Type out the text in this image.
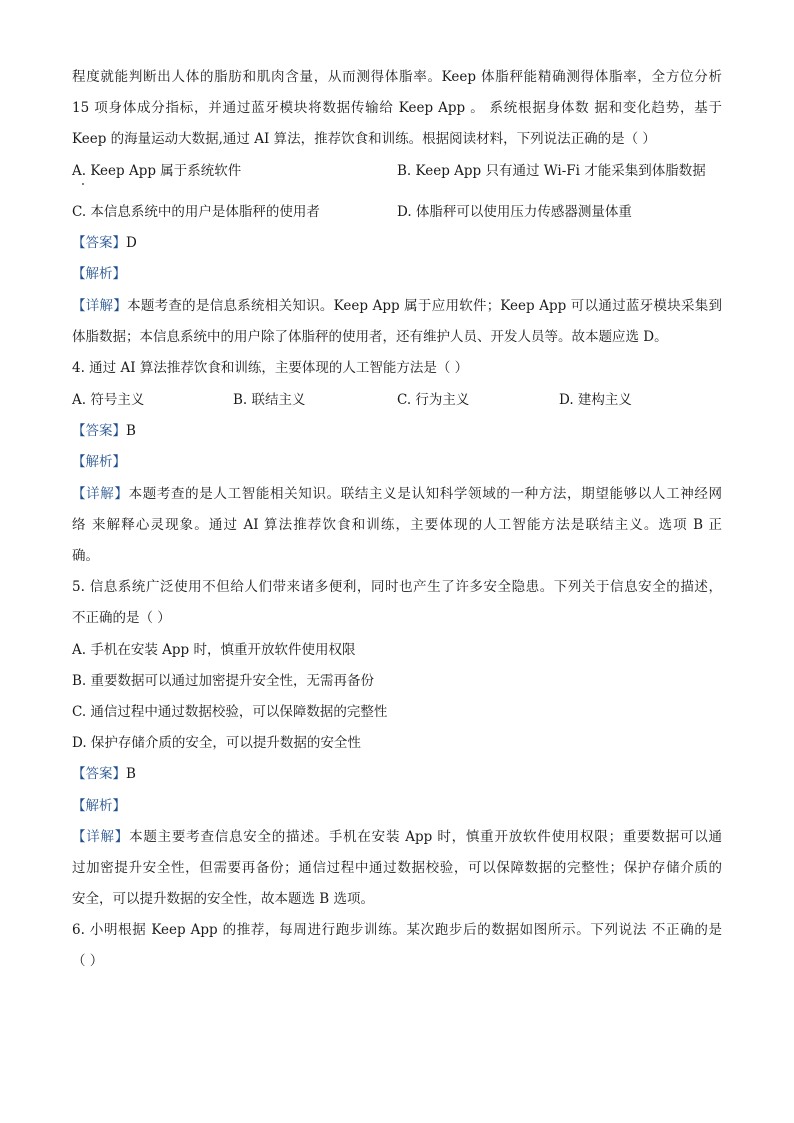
程度就能判断出人体的脂肪和肌肉含量，从而测得体脂率。Keep 体脂秤能精确测得体脂率，全方位分析
15 项身体成分指标，并通过蓝牙模块将数据传输给 Keep App 。 系统根据身体数 据和变化趋势，基于
Keep 的海量运动大数据,通过 AI 算法，推荐饮食和训练。根据阅读材料，下列说法正确的是（ ）
A. Keep App 属于系统软件	B. Keep App 只有通过 Wi-Fi 才能采集到体脂数据
C. 本信息系统中的用户是体脂秤的使用者	D. 体脂秤可以使用压力传感器测量体重
【答案】D
【解析】
【详解】本题考查的是信息系统相关知识。Keep App 属于应用软件；Keep App 可以通过蓝牙模块采集到
体脂数据；本信息系统中的用户除了体脂秤的使用者，还有维护人员、开发人员等。故本题应选 D。
4. 通过 AI 算法推荐饮食和训练，主要体现的人工智能方法是（ ）
A. 符号主义	B. 联结主义	C. 行为主义	D. 建构主义
【答案】B
【解析】
【详解】本题考查的是人工智能相关知识。联结主义是认知科学领域的一种方法，期望能够以人工神经网
络 来解释心灵现象。通过 AI 算法推荐饮食和训练，主要体现的人工智能方法是联结主义。选项 B 正
确。
5. 信息系统广泛使用不但给人们带来诸多便利，同时也产生了许多安全隐患。下列关于信息安全的描述，
不正确的是（ ）
A. 手机在安装 App 时，慎重开放软件使用权限
B. 重要数据可以通过加密提升安全性，无需再备份
C. 通信过程中通过数据校验，可以保障数据的完整性
D. 保护存储介质的安全，可以提升数据的安全性
【答案】B
【解析】
【详解】本题主要考查信息安全的描述。手机在安装 App 时，慎重开放软件使用权限；重要数据可以通
过加密提升安全性，但需要再备份；通信过程中通过数据校验，可以保障数据的完整性；保护存储介质的
安全，可以提升数据的安全性，故本题选 B 选项。
6. 小明根据 Keep App 的推荐，每周进行跑步训练。某次跑步后的数据如图所示。下列说法 不正确的是
（ ）
